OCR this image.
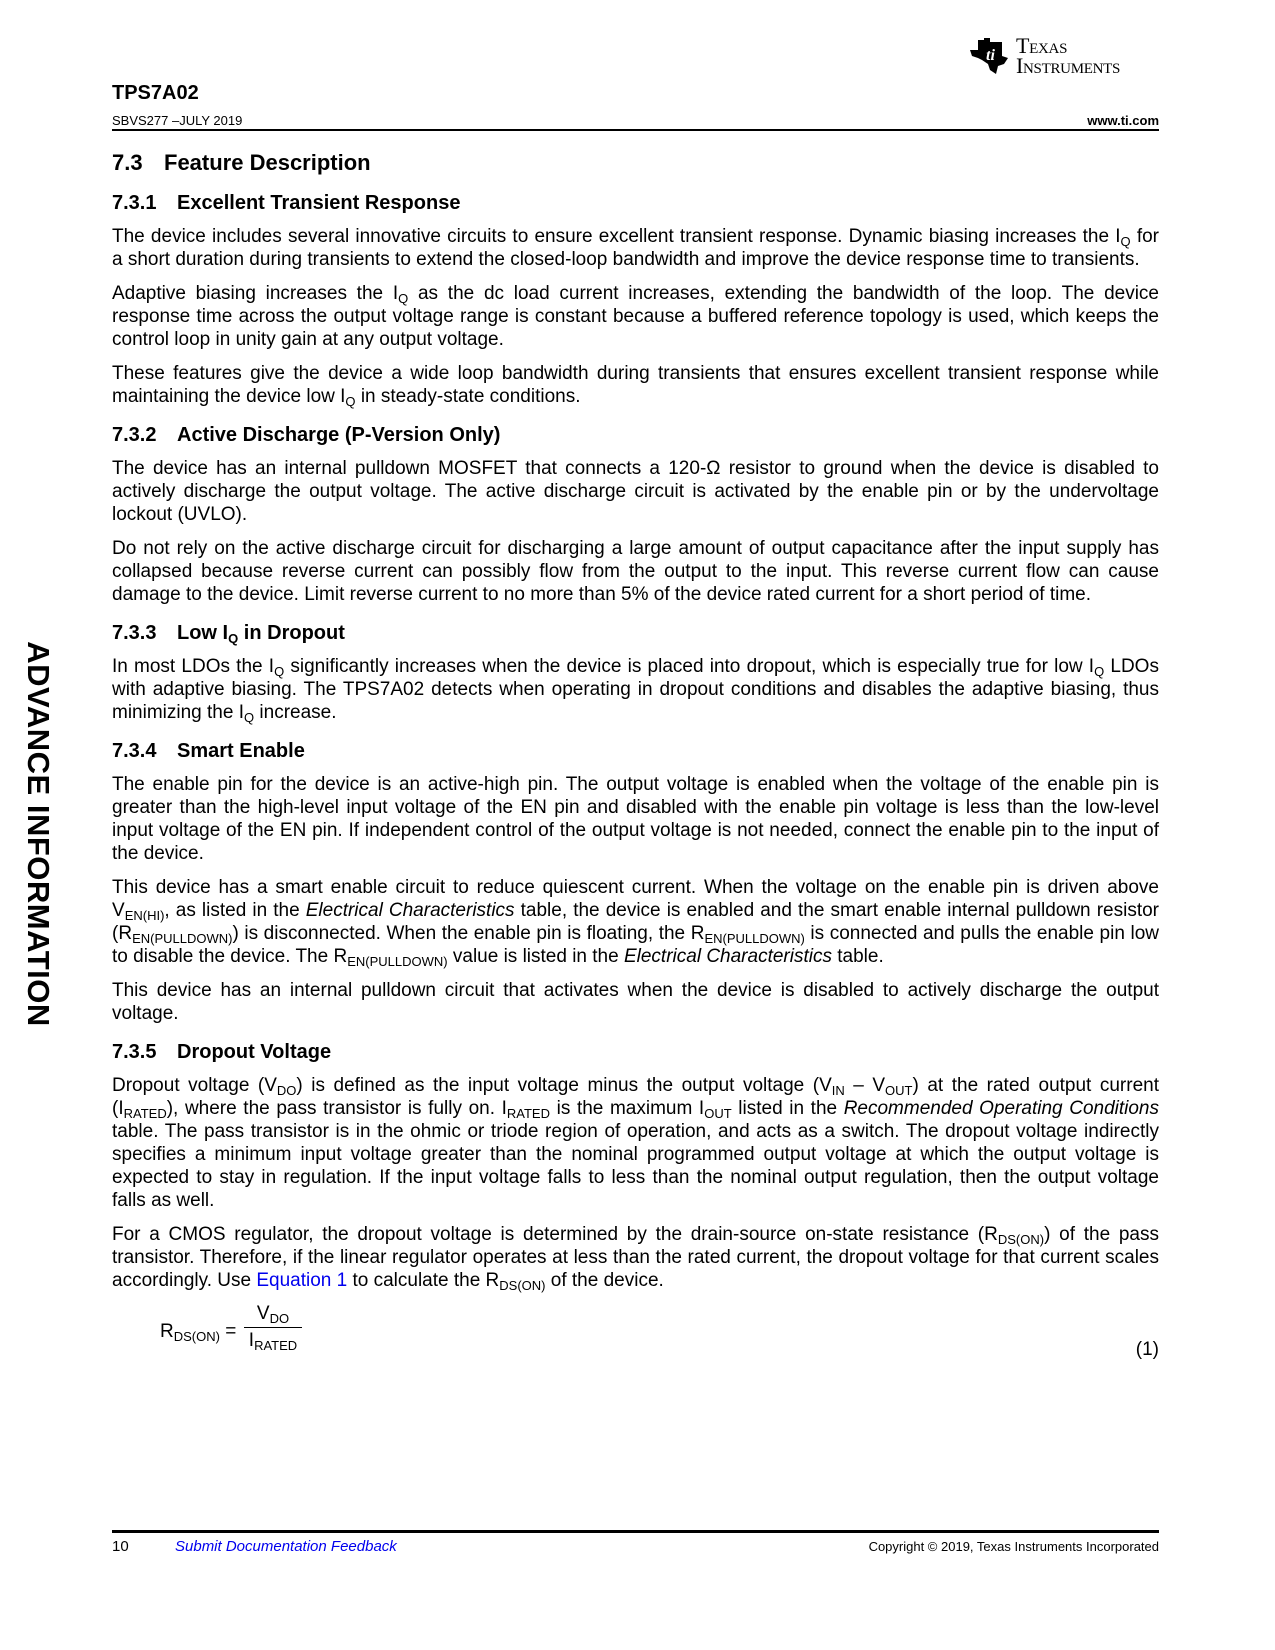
ti Texas
Instruments
TPS7A02
SBVS277 –JULY 2019	www.ti.com
ADVANCE INFORMATION
7.3 Feature Description
7.3.1 Excellent Transient Response

The device includes several innovative circuits to ensure excellent transient response. Dynamic biasing increases the $I_Q$ for a short duration during transients to extend the closed-loop bandwidth and improve the device response time to transients.

Adaptive biasing increases the $I_Q$ as the dc load current increases, extending the bandwidth of the loop. The device response time across the output voltage range is constant because a buffered reference topology is used, which keeps the control loop in unity gain at any output voltage.

These features give the device a wide loop bandwidth during transients that ensures excellent transient response while maintaining the device low $I_Q$ in steady-state conditions.

7.3.2 Active Discharge (P-Version Only)

The device has an internal pulldown MOSFET that connects a 120-Ω resistor to ground when the device is disabled to actively discharge the output voltage. The active discharge circuit is activated by the enable pin or by the undervoltage lockout (UVLO).

Do not rely on the active discharge circuit for discharging a large amount of output capacitance after the input supply has collapsed because reverse current can possibly flow from the output to the input. This reverse current flow can cause damage to the device. Limit reverse current to no more than 5% of the device rated current for a short period of time.

7.3.3 Low $I_Q$ in Dropout

In most LDOs the $I_Q$ significantly increases when the device is placed into dropout, which is especially true for low $I_Q$ LDOs with adaptive biasing. The TPS7A02 detects when operating in dropout conditions and disables the adaptive biasing, thus minimizing the $I_Q$ increase.

7.3.4 Smart Enable

The enable pin for the device is an active-high pin. The output voltage is enabled when the voltage of the enable pin is greater than the high-level input voltage of the EN pin and disabled with the enable pin voltage is less than the low-level input voltage of the EN pin. If independent control of the output voltage is not needed, connect the enable pin to the input of the device.

This device has a smart enable circuit to reduce quiescent current. When the voltage on the enable pin is driven above $V_{EN(HI)}$, as listed in the Electrical Characteristics table, the device is enabled and the smart enable internal pulldown resistor $(R_{EN(PULLDOWN)})$ is disconnected. When the enable pin is floating, the $R_{EN(PULLDOWN)}$ is connected and pulls the enable pin low to disable the device. The $R_{EN(PULLDOWN)}$ value is listed in the Electrical Characteristics table.

This device has an internal pulldown circuit that activates when the device is disabled to actively discharge the output voltage.

7.3.5 Dropout Voltage

Dropout voltage $(V_{DO})$ is defined as the input voltage minus the output voltage $(V_{IN} - V_{OUT})$ at the rated output current $(I_{RATED})$, where the pass transistor is fully on. $I_{RATED}$ is the maximum $I_{OUT}$ listed in the Recommended Operating Conditions table. The pass transistor is in the ohmic or triode region of operation, and acts as a switch. The dropout voltage indirectly specifies a minimum input voltage greater than the nominal programmed output voltage at which the output voltage is expected to stay in regulation. If the input voltage falls to less than the nominal output regulation, then the output voltage falls as well.

For a CMOS regulator, the dropout voltage is determined by the drain-source on-state resistance $(R_{DS(ON)})$ of the pass transistor. Therefore, if the linear regulator operates at less than the rated current, the dropout voltage for that current scales accordingly. Use Equation 1 to calculate the $R_{DS(ON)}$ of the device.

$R_{DS(ON)}$ =
$V_{DO}$
$I_{RATED}$	(1)
10	Submit Documentation Feedback	Copyright © 2019, Texas Instruments Incorporated
